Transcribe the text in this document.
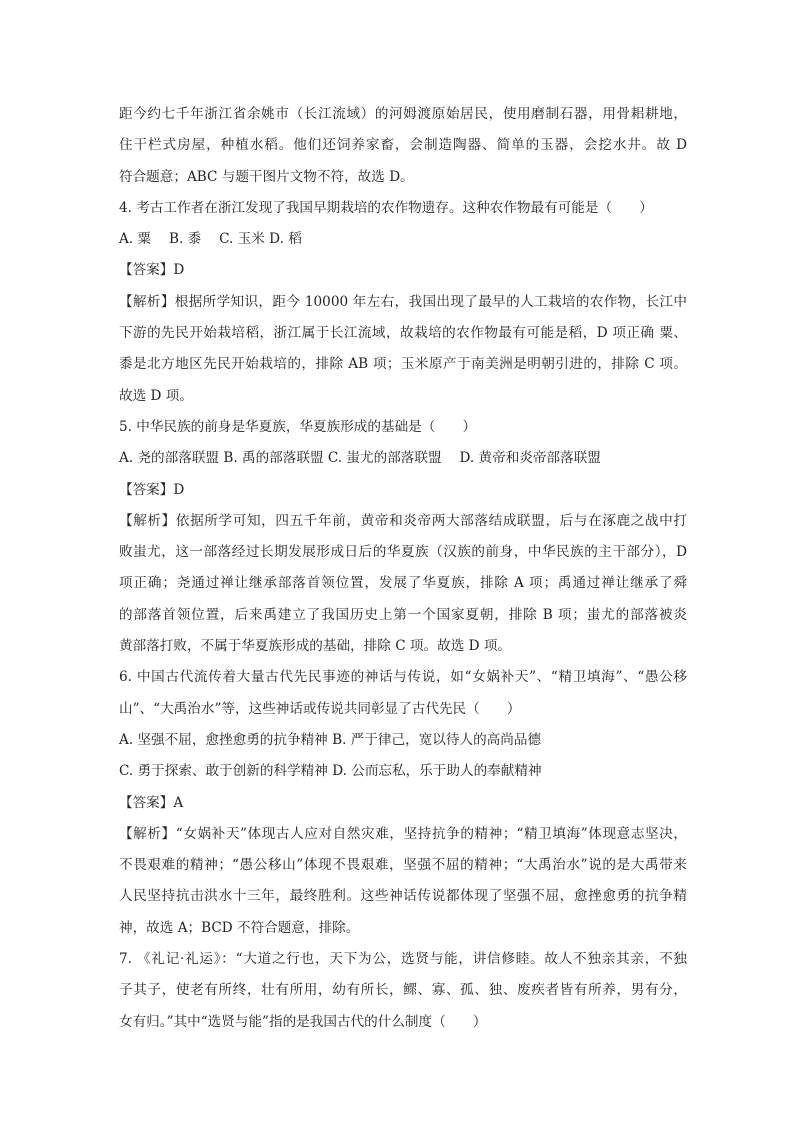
距今约七千年浙江省余姚市（长江流域）的河姆渡原始居民，使用磨制石器，用骨耜耕地，
住干栏式房屋，种植水稻。他们还饲养家畜，会制造陶器、简单的玉器，会挖水井。故 D
符合题意；ABC 与题干图片文物不符，故选 D。
4. 考古工作者在浙江发现了我国早期栽培的农作物遗存。这种农作物最有可能是（　　）
A. 粟　 B. 黍　 C. 玉米 D. 稻
【答案】D
【解析】根据所学知识，距今 10000 年左右，我国出现了最早的人工栽培的农作物，长江中
下游的先民开始栽培稻，浙江属于长江流域，故栽培的农作物最有可能是稻，D 项正确 粟、
黍是北方地区先民开始栽培的，排除 AB 项；玉米原产于南美洲是明朝引进的，排除 C 项。
故选 D 项。
5. 中华民族的前身是华夏族，华夏族形成的基础是（　　）
A. 尧的部落联盟 B. 禹的部落联盟 C. 蚩尤的部落联盟　 D. 黄帝和炎帝部落联盟
【答案】D
【解析】依据所学可知，四五千年前，黄帝和炎帝两大部落结成联盟，后与在涿鹿之战中打
败蚩尤，这一部落经过长期发展形成日后的华夏族（汉族的前身，中华民族的主干部分），D
项正确；尧通过禅让继承部落首领位置，发展了华夏族，排除 A 项；禹通过禅让继承了舜
的部落首领位置，后来禹建立了我国历史上第一个国家夏朝，排除 B 项；蚩尤的部落被炎
黄部落打败，不属于华夏族形成的基础，排除 C 项。故选 D 项。
6. 中国古代流传着大量古代先民事迹的神话与传说，如“女娲补天”、“精卫填海”、“愚公移
山”、“大禹治水”等，这些神话或传说共同彰显了古代先民（　　）
A. 坚强不屈，愈挫愈勇的抗争精神 B. 严于律己，宽以待人的高尚品德
C. 勇于探索、敢于创新的科学精神 D. 公而忘私，乐于助人的奉献精神
【答案】A
【解析】“女娲补天”体现古人应对自然灾难，坚持抗争的精神；“精卫填海”体现意志坚决，
不畏艰难的精神；“愚公移山”体现不畏艰难，坚强不屈的精神；“大禹治水”说的是大禹带来
人民坚持抗击洪水十三年，最终胜利。这些神话传说都体现了坚强不屈，愈挫愈勇的抗争精
神，故选 A；BCD 不符合题意，排除。
7. 《礼记·礼运》：“大道之行也，天下为公，选贤与能，讲信修睦。故人不独亲其亲，不独
子其子，使老有所终，壮有所用，幼有所长，鳏、寡、孤、独、废疾者皆有所养，男有分，
女有归。”其中“选贤与能”指的是我国古代的什么制度（　　）
